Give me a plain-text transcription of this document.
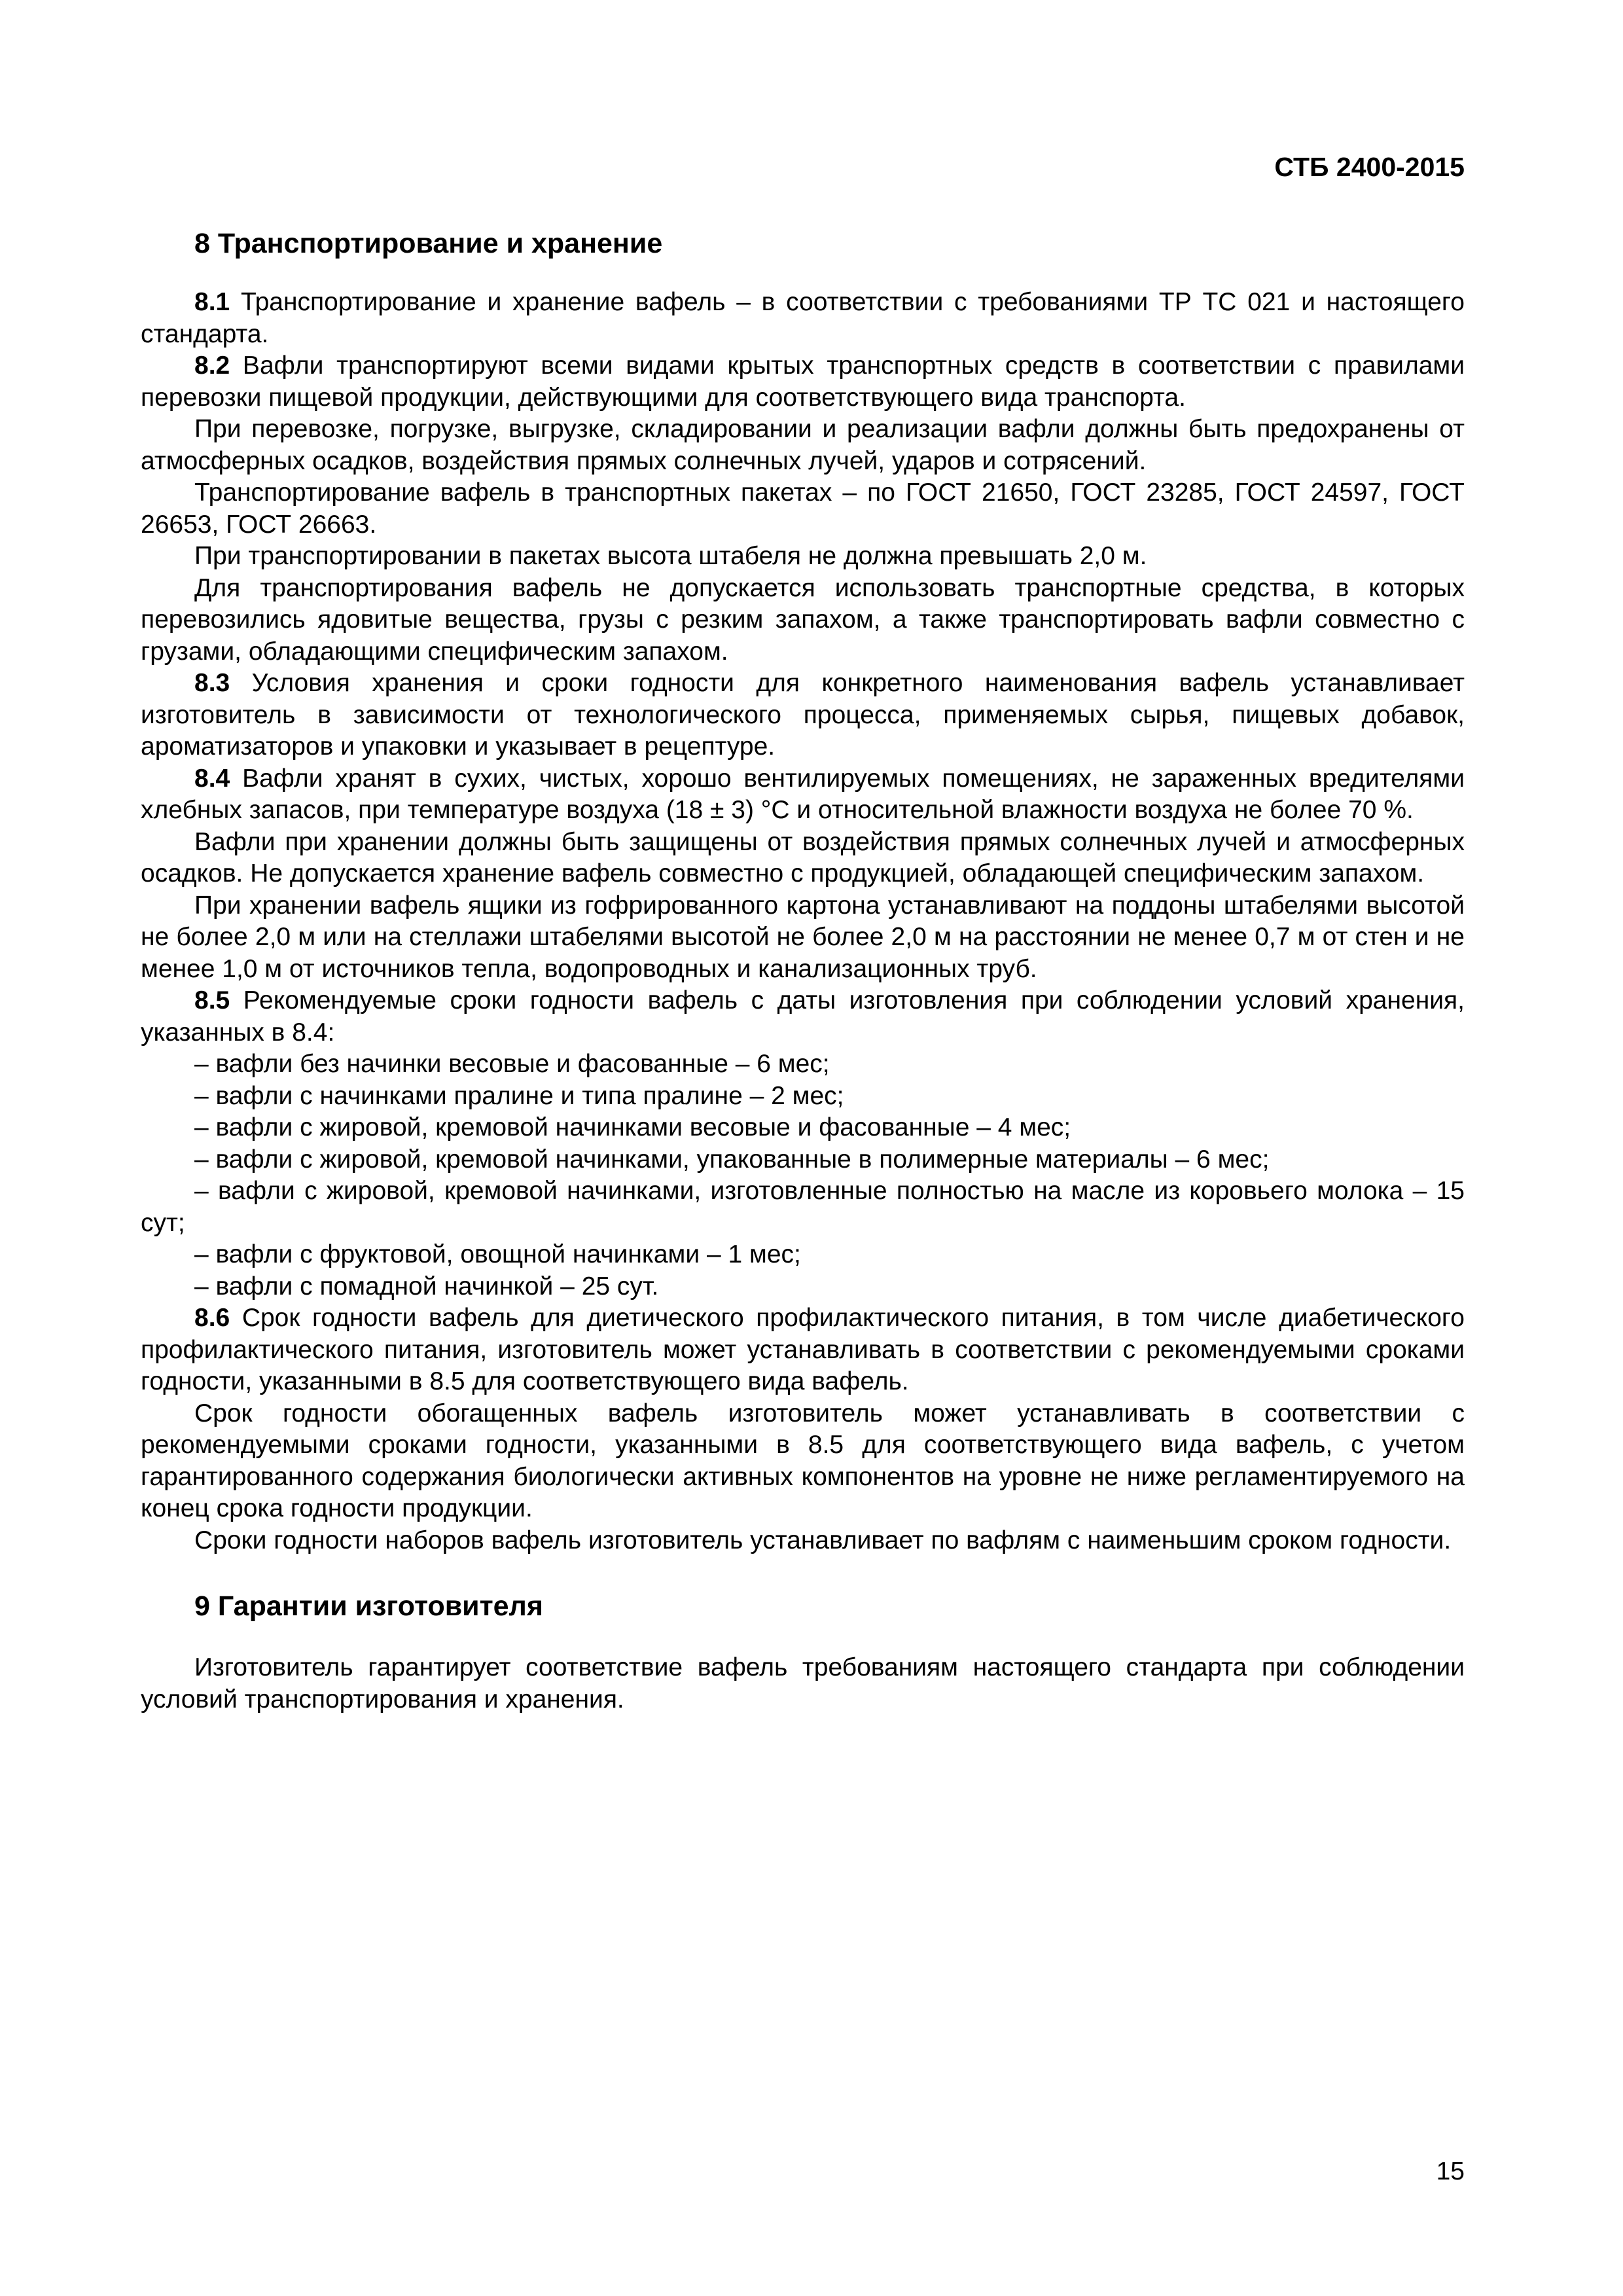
СТБ 2400-2015
8 Транспортирование и хранение

8.1 Транспортирование и хранение вафель – в соответствии с требованиями ТР ТС 021 и настоящего стандарта.

8.2 Вафли транспортируют всеми видами крытых транспортных средств в соответствии с правилами перевозки пищевой продукции, действующими для соответствующего вида транспорта.

При перевозке, погрузке, выгрузке, складировании и реализации вафли должны быть предохранены от атмосферных осадков, воздействия прямых солнечных лучей, ударов и сотрясений.

Транспортирование вафель в транспортных пакетах – по ГОСТ 21650, ГОСТ 23285, ГОСТ 24597, ГОСТ 26653, ГОСТ 26663.

При транспортировании в пакетах высота штабеля не должна превышать 2,0 м.

Для транспортирования вафель не допускается использовать транспортные средства, в которых перевозились ядовитые вещества, грузы с резким запахом, а также транспортировать вафли совместно с грузами, обладающими специфическим запахом.

8.3 Условия хранения и сроки годности для конкретного наименования вафель устанавливает изготовитель в зависимости от технологического процесса, применяемых сырья, пищевых добавок, ароматизаторов и упаковки и указывает в рецептуре.

8.4 Вафли хранят в сухих, чистых, хорошо вентилируемых помещениях, не зараженных вредителями хлебных запасов, при температуре воздуха (18 ± 3) °С и относительной влажности воздуха не более 70 %.

Вафли при хранении должны быть защищены от воздействия прямых солнечных лучей и атмосферных осадков. Не допускается хранение вафель совместно с продукцией, обладающей специфическим запахом.

При хранении вафель ящики из гофрированного картона устанавливают на поддоны штабелями высотой не более 2,0 м или на стеллажи штабелями высотой не более 2,0 м на расстоянии не менее 0,7 м от стен и не менее 1,0 м от источников тепла, водопроводных и канализационных труб.

8.5 Рекомендуемые сроки годности вафель с даты изготовления при соблюдении условий хранения, указанных в 8.4:

– вафли без начинки весовые и фасованные – 6 мес;

– вафли с начинками пралине и типа пралине – 2 мес;

– вафли с жировой, кремовой начинками весовые и фасованные – 4 мес;

– вафли с жировой, кремовой начинками, упакованные в полимерные материалы – 6 мес;

– вафли с жировой, кремовой начинками, изготовленные полностью на масле из коровьего молока – 15 сут;

– вафли с фруктовой, овощной начинками – 1 мес;

– вафли с помадной начинкой – 25 сут.

8.6 Срок годности вафель для диетического профилактического питания, в том числе диабетического профилактического питания, изготовитель может устанавливать в соответствии с рекомендуемыми сроками годности, указанными в 8.5 для соответствующего вида вафель.

Срок годности обогащенных вафель изготовитель может устанавливать в соответствии с рекомендуемыми сроками годности, указанными в 8.5 для соответствующего вида вафель, с учетом гарантированного содержания биологически активных компонентов на уровне не ниже регламентируемого на конец срока годности продукции.

Сроки годности наборов вафель изготовитель устанавливает по вафлям с наименьшим сроком годности.

9 Гарантии изготовителя

Изготовитель гарантирует соответствие вафель требованиям настоящего стандарта при соблюдении условий транспортирования и хранения.

15
